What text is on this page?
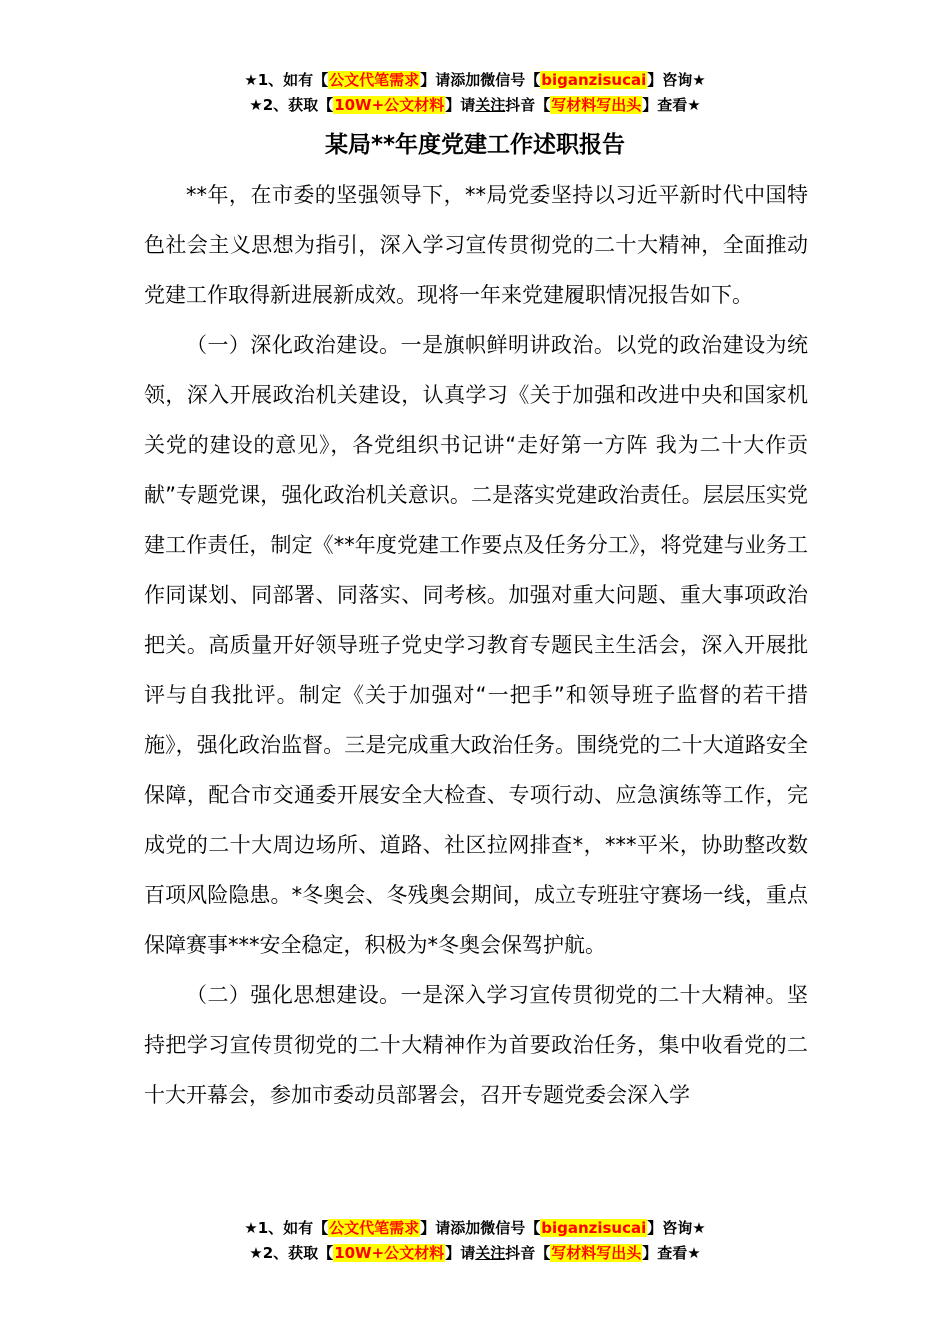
★1、如有【公文代笔需求】请添加微信号【biganzisucai】咨询★
★2、获取【10W+公文材料】请关注抖音【写材料写出头】查看★
某局**年度党建工作述职报告

**年，在市委的坚强领导下，**局党委坚持以习近平新时代中国特色社会主义思想为指引，深入学习宣传贯彻党的二十大精神，全面推动党建工作取得新进展新成效。现将一年来党建履职情况报告如下。

（一）深化政治建设。一是旗帜鲜明讲政治。以党的政治建设为统领，深入开展政治机关建设，认真学习《关于加强和改进中央和国家机关党的建设的意见》，各党组织书记讲“走好第一方阵 我为二十大作贡献”专题党课，强化政治机关意识。二是落实党建政治责任。层层压实党建工作责任，制定《**年度党建工作要点及任务分工》，将党建与业务工作同谋划、同部署、同落实、同考核。加强对重大问题、重大事项政治把关。高质量开好领导班子党史学习教育专题民主生活会，深入开展批评与自我批评。制定《关于加强对“一把手”和领导班子监督的若干措施》，强化政治监督。三是完成重大政治任务。围绕党的二十大道路安全保障，配合市交通委开展安全大检查、专项行动、应急演练等工作，完成党的二十大周边场所、道路、社区拉网排查*，***平米，协助整改数百项风险隐患。*冬奥会、冬残奥会期间，成立专班驻守赛场一线，重点保障赛事***安全稳定，积极为*冬奥会保驾护航。

（二）强化思想建设。一是深入学习宣传贯彻党的二十大精神。坚持把学习宣传贯彻党的二十大精神作为首要政治任务，集中收看党的二十大开幕会，参加市委动员部署会，召开专题党委会深入学

★1、如有【公文代笔需求】请添加微信号【biganzisucai】咨询★
★2、获取【10W+公文材料】请关注抖音【写材料写出头】查看★
